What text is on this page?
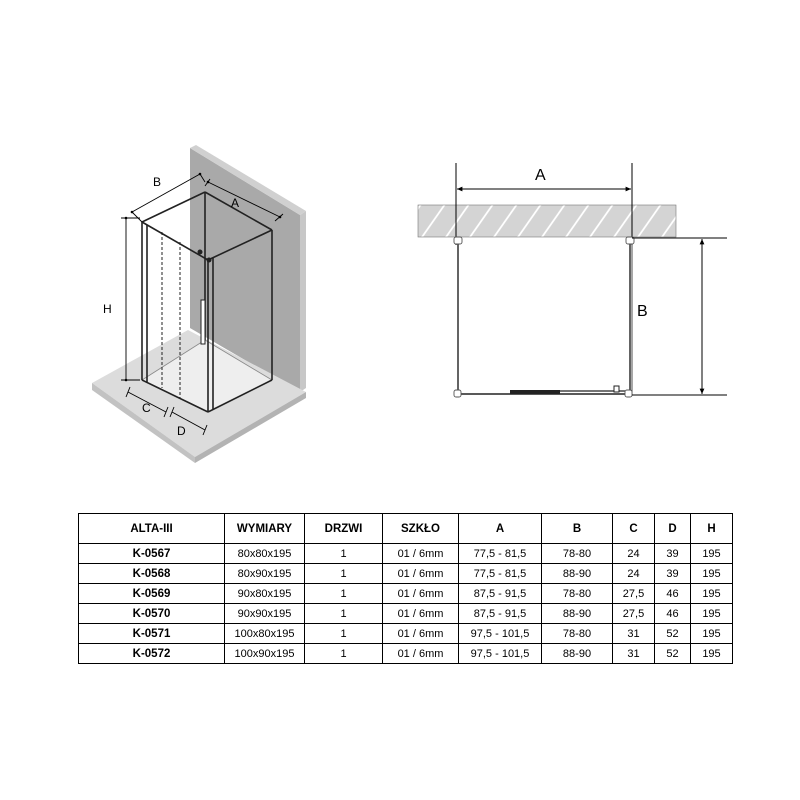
B
A
H
C
D
A
B
ALTA-III	WYMIARY	DRZWI	SZKŁO	A	B	C	D	H
K-0567	80x80x195	1	01 / 6mm	77,5 - 81,5	78-80	24	39	195
K-0568	80x90x195	1	01 / 6mm	77,5 - 81,5	88-90	24	39	195
K-0569	90x80x195	1	01 / 6mm	87,5 - 91,5	78-80	27,5	46	195
K-0570	90x90x195	1	01 / 6mm	87,5 - 91,5	88-90	27,5	46	195
K-0571	100x80x195	1	01 / 6mm	97,5 - 101,5	78-80	31	52	195
K-0572	100x90x195	1	01 / 6mm	97,5 - 101,5	88-90	31	52	195
